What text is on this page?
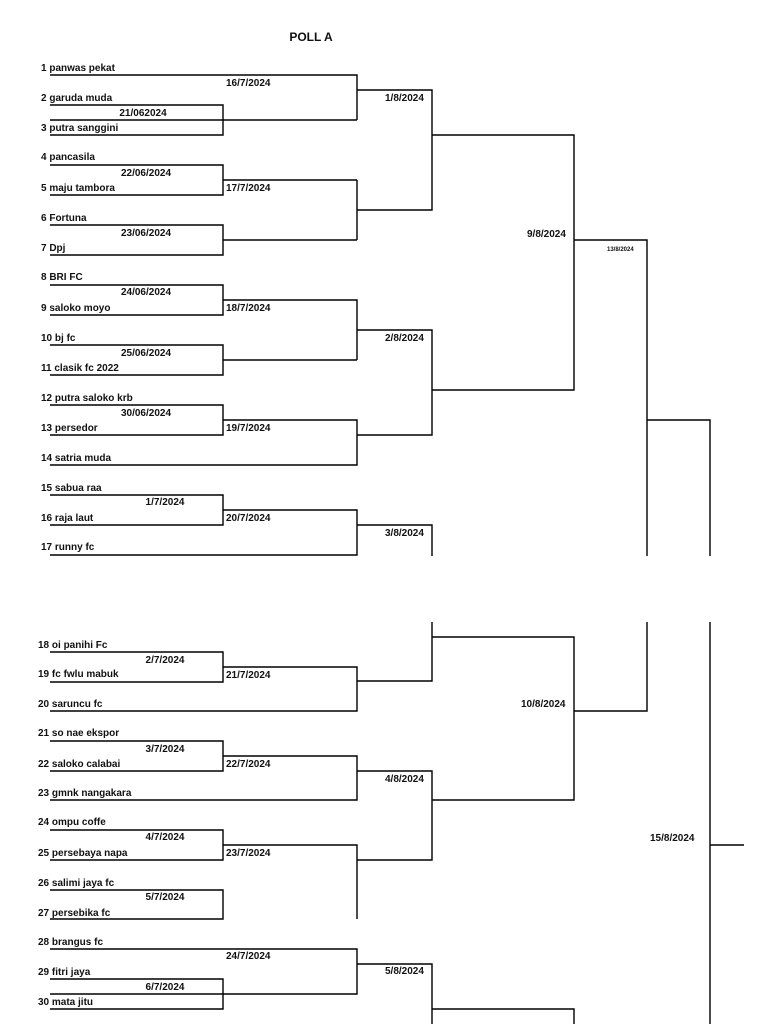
POLL A
1 panwas pekat
2 garuda muda
3 putra sanggini
4 pancasila
5 maju tambora
6 Fortuna
7 Dpj
8 BRI FC
9 saloko moyo
10 bj fc
11 clasik fc 2022
12 putra saloko krb
13 persedor
14 satria muda
15 sabua raa
16 raja laut
17 runny fc
18 oi panihi Fc
19 fc fwlu mabuk
20 saruncu fc
21 so nae ekspor
22 saloko calabai
23 gmnk nangakara
24 ompu coffe
25 persebaya napa
26 salimi jaya fc
27 persebika fc
28 brangus fc
29 fitri jaya
30 mata jitu
21/062024
22/06/2024
23/06/2024
24/06/2024
25/06/2024
30/06/2024
1/7/2024
2/7/2024
3/7/2024
4/7/2024
5/7/2024
6/7/2024
16/7/2024
17/7/2024
18/7/2024
19/7/2024
20/7/2024
21/7/2024
22/7/2024
23/7/2024
24/7/2024
1/8/2024
2/8/2024
3/8/2024
4/8/2024
5/8/2024
9/8/2024
10/8/2024
13/8/2024
15/8/2024
